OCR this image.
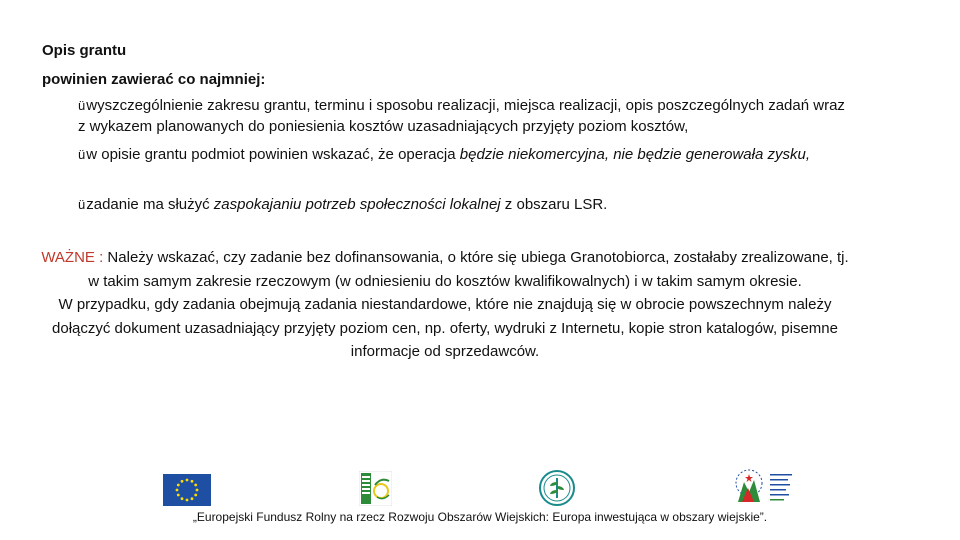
Opis grantu
powinien zawierać co najmniej:
üwyszczególnienie zakresu grantu, terminu i sposobu realizacji, miejsca realizacji, opis poszczególnych zadań wraz z wykazem planowanych do poniesienia kosztów uzasadniających przyjęty poziom kosztów,
üw opisie grantu podmiot powinien wskazać, że operacja będzie niekomercyjna, nie będzie generowała zysku,
üzadanie ma służyć zaspokajaniu potrzeb społeczności lokalnej z obszaru LSR.
WAŻNE : Należy wskazać, czy zadanie bez dofinansowania, o które się ubiega Granotobiorca, zostałaby zrealizowane, tj. w takim samym zakresie rzeczowym (w odniesieniu do kosztów kwalifikowalnych) i w takim samym okresie.
W przypadku, gdy zadania obejmują zadania niestandardowe, które nie znajdują się w obrocie powszechnym należy dołączyć dokument uzasadniający przyjęty poziom cen, np. oferty, wydruki z Internetu, kopie stron katalogów, pisemne informacje od sprzedawców.
„Europejski Fundusz Rolny na rzecz Rozwoju Obszarów Wiejskich: Europa inwestująca w obszary wiejskie”.
